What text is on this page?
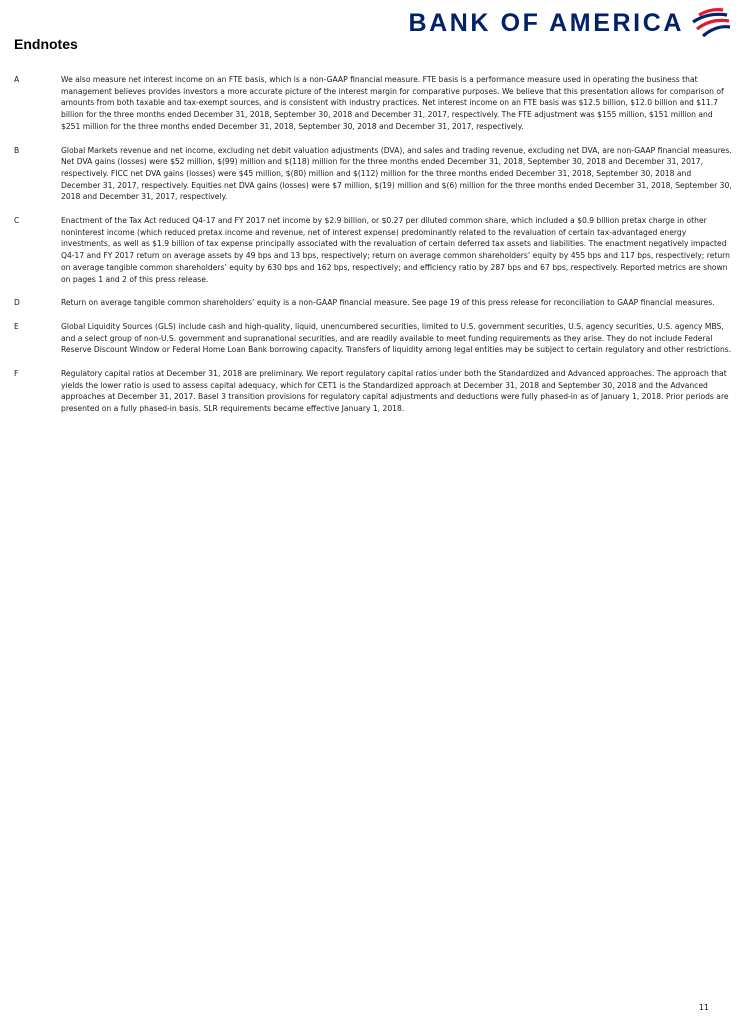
BANK OF AMERICA
Endnotes
A	We also measure net interest income on an FTE basis, which is a non-GAAP financial measure. FTE basis is a performance measure used in operating the business that management believes provides investors a more accurate picture of the interest margin for comparative purposes. We believe that this presentation allows for comparison of amounts from both taxable and tax-exempt sources, and is consistent with industry practices. Net interest income on an FTE basis was $12.5 billion, $12.0 billion and $11.7 billion for the three months ended December 31, 2018, September 30, 2018 and December 31, 2017, respectively. The FTE adjustment was $155 million, $151 million and $251 million for the three months ended December 31, 2018, September 30, 2018 and December 31, 2017, respectively.

B	Global Markets revenue and net income, excluding net debit valuation adjustments (DVA), and sales and trading revenue, excluding net DVA, are non-GAAP financial measures. Net DVA gains (losses) were $52 million, $(99) million and $(118) million for the three months ended December 31, 2018, September 30, 2018 and December 31, 2017, respectively. FICC net DVA gains (losses) were $45 million, $(80) million and $(112) million for the three months ended December 31, 2018, September 30, 2018 and December 31, 2017, respectively. Equities net DVA gains (losses) were $7 million, $(19) million and $(6) million for the three months ended December 31, 2018, September 30, 2018 and December 31, 2017, respectively.

C	Enactment of the Tax Act reduced Q4-17 and FY 2017 net income by $2.9 billion, or $0.27 per diluted common share, which included a $0.9 billion pretax charge in other noninterest income (which reduced pretax income and revenue, net of interest expense) predominantly related to the revaluation of certain tax-advantaged energy investments, as well as $1.9 billion of tax expense principally associated with the revaluation of certain deferred tax assets and liabilities. The enactment negatively impacted Q4-17 and FY 2017 return on average assets by 49 bps and 13 bps, respectively; return on average common shareholders’ equity by 455 bps and 117 bps, respectively; return on average tangible common shareholders’ equity by 630 bps and 162 bps, respectively; and efficiency ratio by 287 bps and 67 bps, respectively. Reported metrics are shown on pages 1 and 2 of this press release.

D	Return on average tangible common shareholders’ equity is a non-GAAP financial measure. See page 19 of this press release for reconciliation to GAAP financial measures.

E	Global Liquidity Sources (GLS) include cash and high-quality, liquid, unencumbered securities, limited to U.S. government securities, U.S. agency securities, U.S. agency MBS, and a select group of non-U.S. government and supranational securities, and are readily available to meet funding requirements as they arise. They do not include Federal Reserve Discount Window or Federal Home Loan Bank borrowing capacity. Transfers of liquidity among legal entities may be subject to certain regulatory and other restrictions.

F	Regulatory capital ratios at December 31, 2018 are preliminary. We report regulatory capital ratios under both the Standardized and Advanced approaches. The approach that yields the lower ratio is used to assess capital adequacy, which for CET1 is the Standardized approach at December 31, 2018 and September 30, 2018 and the Advanced approaches at December 31, 2017. Basel 3 transition provisions for regulatory capital adjustments and deductions were fully phased-in as of January 1, 2018. Prior periods are presented on a fully phased-in basis. SLR requirements became effective January 1, 2018.

11
